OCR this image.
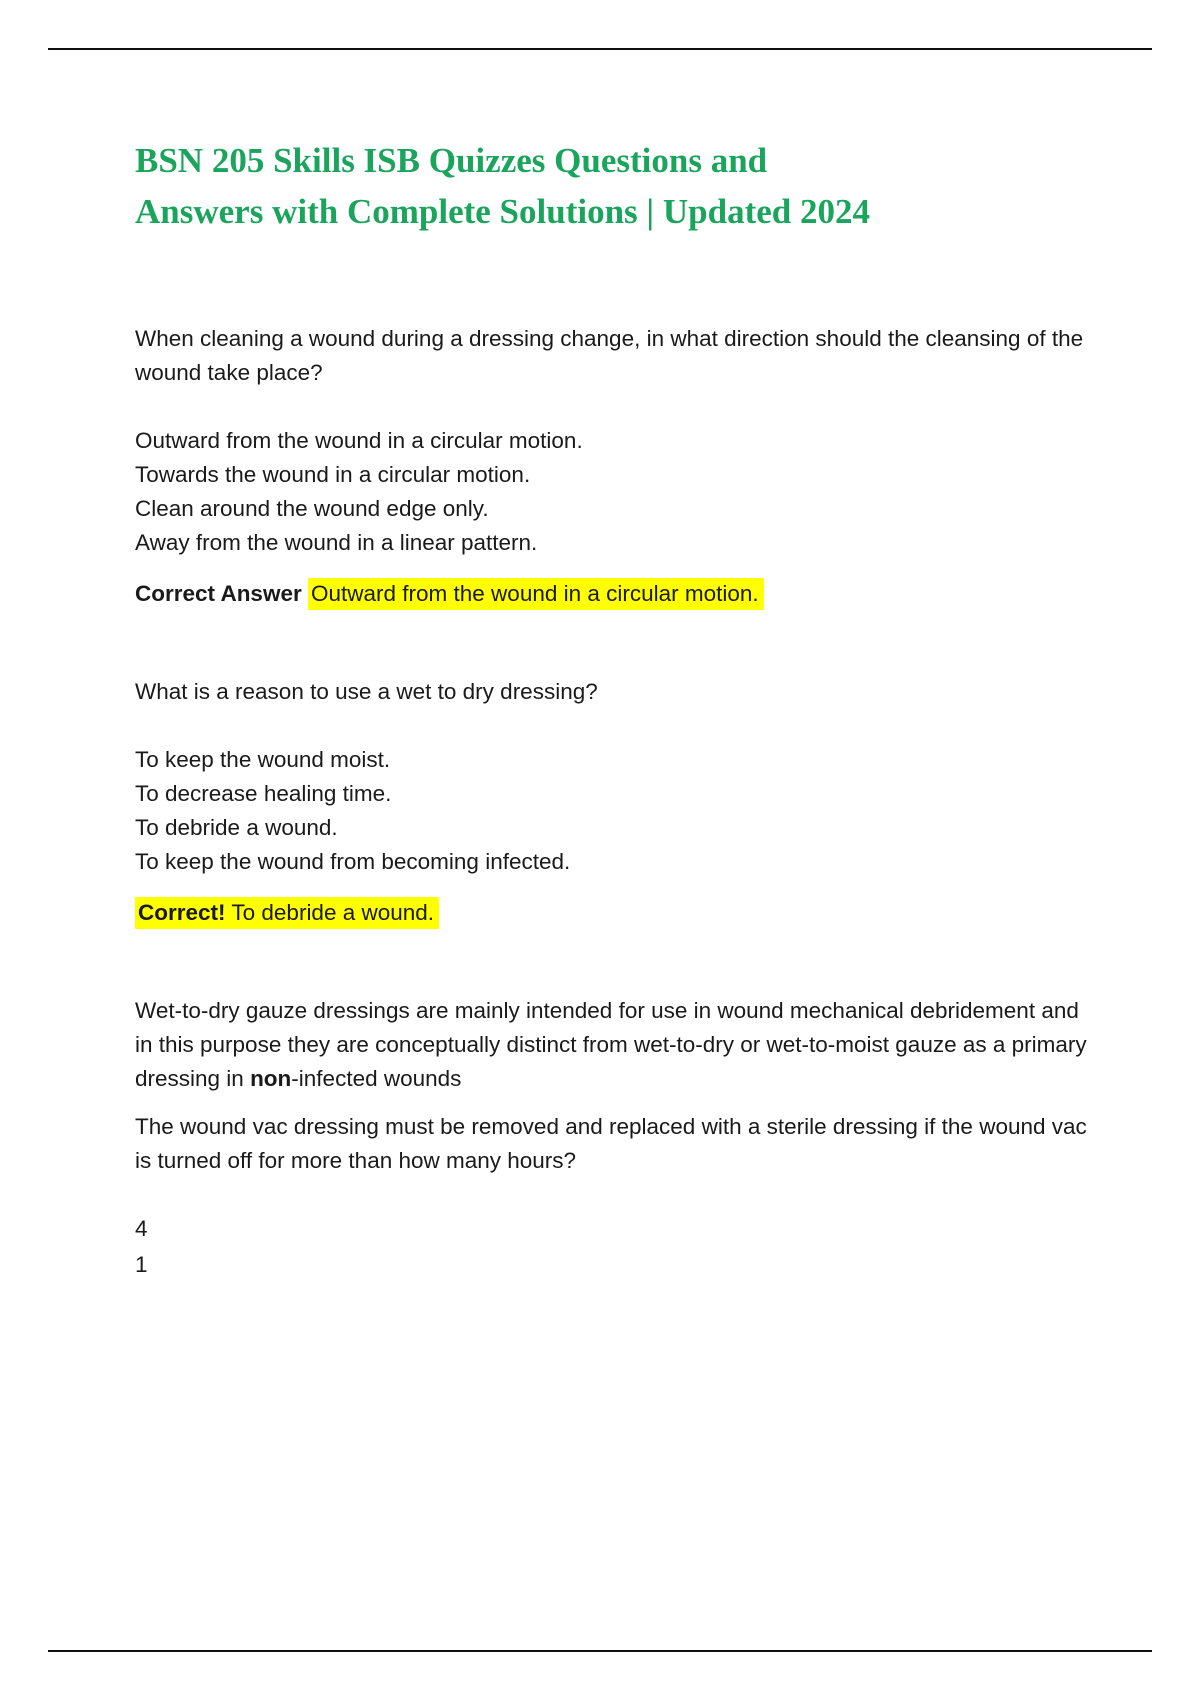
BSN 205 Skills ISB Quizzes Questions and
Answers with Complete Solutions | Updated 2024

When cleaning a wound during a dressing change, in what direction should the cleansing of the wound take place?

Outward from the wound in a circular motion.
Towards the wound in a circular motion.
Clean around the wound edge only.
Away from the wound in a linear pattern.

Correct Answer Outward from the wound in a circular motion.

What is a reason to use a wet to dry dressing?

To keep the wound moist.
To decrease healing time.
To debride a wound.
To keep the wound from becoming infected.

Correct! To debride a wound.

Wet-to-dry gauze dressings are mainly intended for use in wound mechanical debridement and in this purpose they are conceptually distinct from wet-to-dry or wet-to-moist gauze as a primary dressing in non-infected wounds

The wound vac dressing must be removed and replaced with a sterile dressing if the wound vac is turned off for more than how many hours?

4
1
